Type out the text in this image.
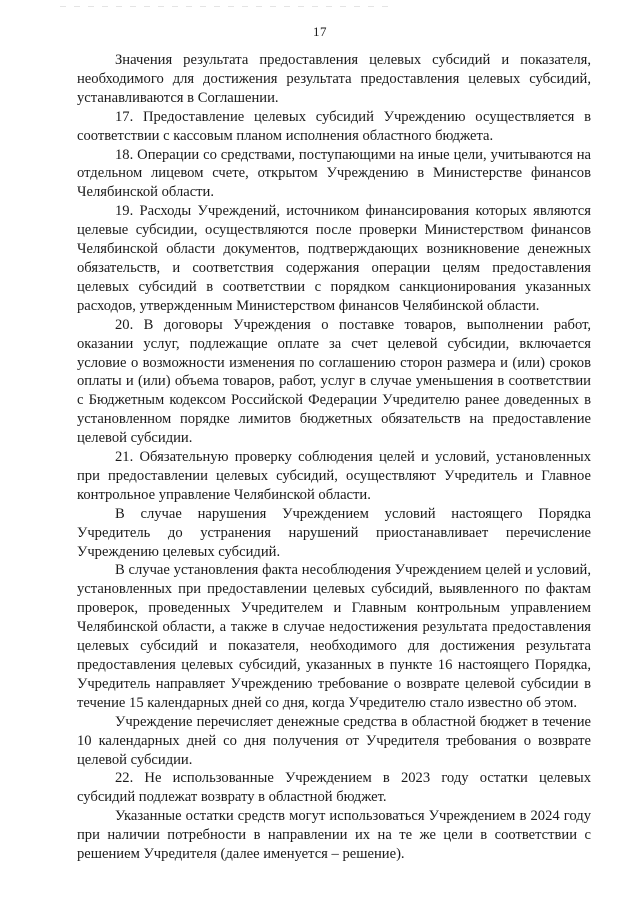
17

Значения результата предоставления целевых субсидий и показателя, необходимого для достижения результата предоставления целевых субсидий, устанавливаются в Соглашении.

17. Предоставление целевых субсидий Учреждению осуществляется в соответствии с кассовым планом исполнения областного бюджета.

18. Операции со средствами, поступающими на иные цели, учитываются на отдельном лицевом счете, открытом Учреждению в Министерстве финансов Челябинской области.

19. Расходы Учреждений, источником финансирования которых являются целевые субсидии, осуществляются после проверки Министерством финансов Челябинской области документов, подтверждающих возникновение денежных обязательств, и соответствия содержания операции целям предоставления целевых субсидий в соответствии с порядком санкционирования указанных расходов, утвержденным Министерством финансов Челябинской области.

20. В договоры Учреждения о поставке товаров, выполнении работ, оказании услуг, подлежащие оплате за счет целевой субсидии, включается условие о возможности изменения по соглашению сторон размера и (или) сроков оплаты и (или) объема товаров, работ, услуг в случае уменьшения в соответствии с Бюджетным кодексом Российской Федерации Учредителю ранее доведенных в установленном порядке лимитов бюджетных обязательств на предоставление целевой субсидии.

21. Обязательную проверку соблюдения целей и условий, установленных при предоставлении целевых субсидий, осуществляют Учредитель и Главное контрольное управление Челябинской области.

В случае нарушения Учреждением условий настоящего Порядка Учредитель до устранения нарушений приостанавливает перечисление Учреждению целевых субсидий.

В случае установления факта несоблюдения Учреждением целей и условий, установленных при предоставлении целевых субсидий, выявленного по фактам проверок, проведенных Учредителем и Главным контрольным управлением Челябинской области, а также в случае недостижения результата предоставления целевых субсидий и показателя, необходимого для достижения результата предоставления целевых субсидий, указанных в пункте 16 настоящего Порядка, Учредитель направляет Учреждению требование о возврате целевой субсидии в течение 15 календарных дней со дня, когда Учредителю стало известно об этом.

Учреждение перечисляет денежные средства в областной бюджет в течение 10 календарных дней со дня получения от Учредителя требования о возврате целевой субсидии.

22. Не использованные Учреждением в 2023 году остатки целевых субсидий подлежат возврату в областной бюджет.

Указанные остатки средств могут использоваться Учреждением в 2024 году при наличии потребности в направлении их на те же цели в соответствии с решением Учредителя (далее именуется – решение).
